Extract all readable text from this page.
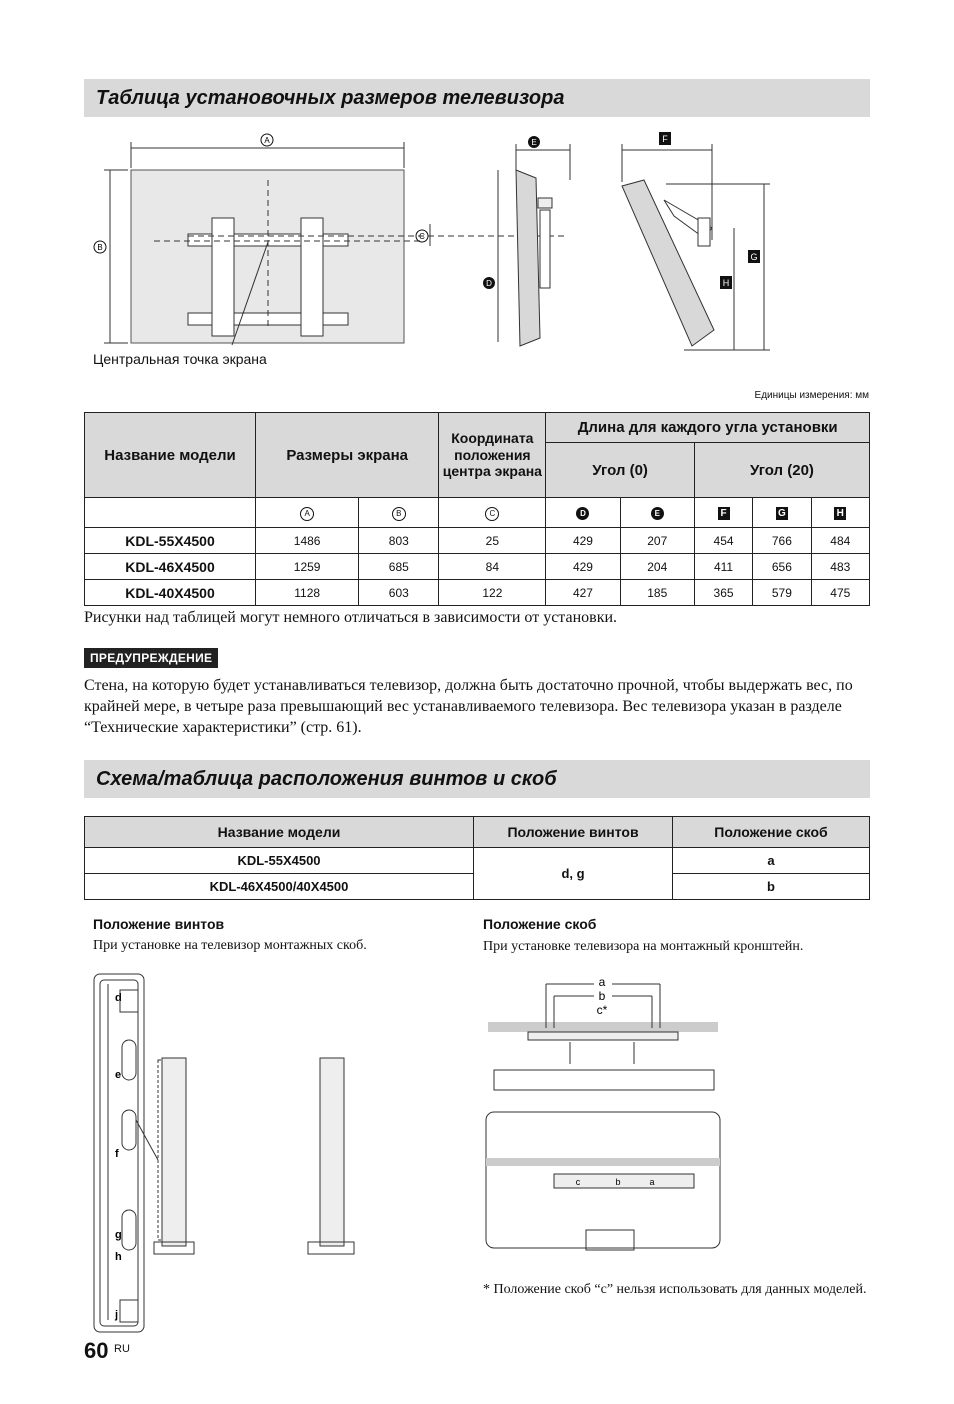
Таблица установочных размеров телевизора
A
B
C
E
D
F
G
H
Центральная точка экрана
Единицы измерения: мм
Название модели	Размеры экрана		Координата положения центра экрана	Длина для каждого угла установки				
				Угол (0)		Угол (20)		
	A	B	C	D	E	F	G	H
KDL-55X4500	1486	803	25	429	207	454	766	484
KDL-46X4500	1259	685	84	429	204	411	656	483
KDL-40X4500	1128	603	122	427	185	365	579	475
Рисунки над таблицей могут немного отличаться в зависимости от установки.
ПРЕДУПРЕЖДЕНИЕ
Стена, на которую будет устанавливаться телевизор, должна быть достаточно прочной, чтобы выдержать вес, по крайней мере, в четыре раза превышающий вес устанавливаемого телевизора. Вес телевизора указан в разделе “Технические характеристики” (стр. 61).
Схема/таблица расположения винтов и скоб
Название модели	Положение винтов	Положение скоб
KDL-55X4500	d, g	a
KDL-46X4500/40X4500		b
Положение винтов
При установке на телевизор монтажных скоб.
d
e
f
g
h
j
Положение скоб
При установке телевизора на монтажный кронштейн.
a
b
c*
c	b	a
* Положение скоб “c” нельзя использовать для данных моделей.
60 RU
